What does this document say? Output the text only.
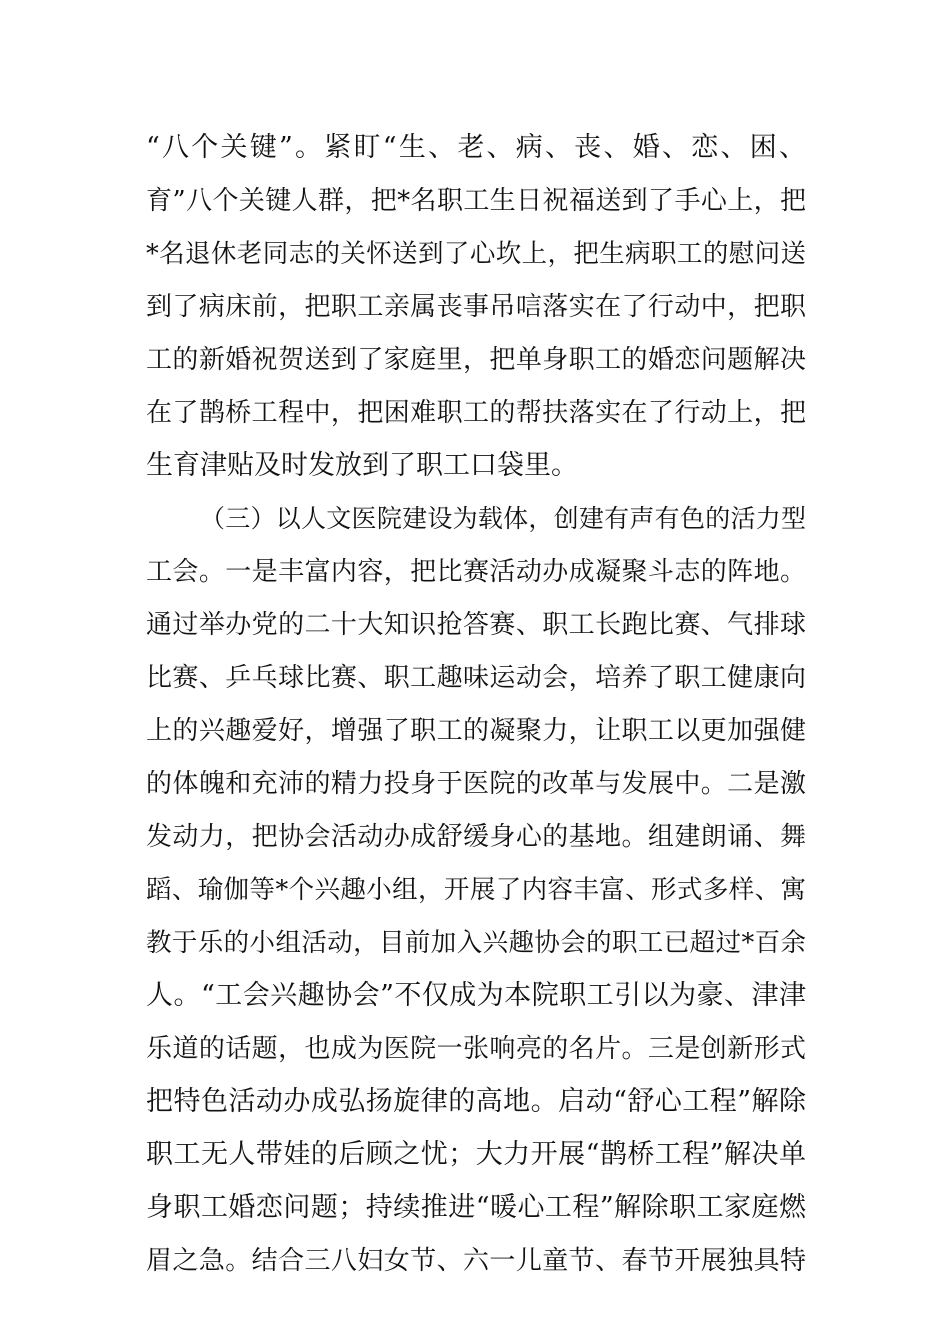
“八个关键”。紧盯“生、老、病、丧、婚、恋、困、
育”八个关键人群，把*名职工生日祝福送到了手心上，把
*名退休老同志的关怀送到了心坎上，把生病职工的慰问送
到了病床前，把职工亲属丧事吊唁落实在了行动中，把职
工的新婚祝贺送到了家庭里，把单身职工的婚恋问题解决
在了鹊桥工程中，把困难职工的帮扶落实在了行动上，把
生育津贴及时发放到了职工口袋里。
（三）以人文医院建设为载体，创建有声有色的活力型
工会。一是丰富内容，把比赛活动办成凝聚斗志的阵地。
通过举办党的二十大知识抢答赛、职工长跑比赛、气排球
比赛、乒乓球比赛、职工趣味运动会，培养了职工健康向
上的兴趣爱好，增强了职工的凝聚力，让职工以更加强健
的体魄和充沛的精力投身于医院的改革与发展中。二是激
发动力，把协会活动办成舒缓身心的基地。组建朗诵、舞
蹈、瑜伽等*个兴趣小组，开展了内容丰富、形式多样、寓
教于乐的小组活动，目前加入兴趣协会的职工已超过*百余
人。“工会兴趣协会”不仅成为本院职工引以为豪、津津
乐道的话题，也成为医院一张响亮的名片。三是创新形式
把特色活动办成弘扬旋律的高地。启动“舒心工程”解除
职工无人带娃的后顾之忧；大力开展“鹊桥工程”解决单
身职工婚恋问题；持续推进“暖心工程”解除职工家庭燃
眉之急。结合三八妇女节、六一儿童节、春节开展独具特
